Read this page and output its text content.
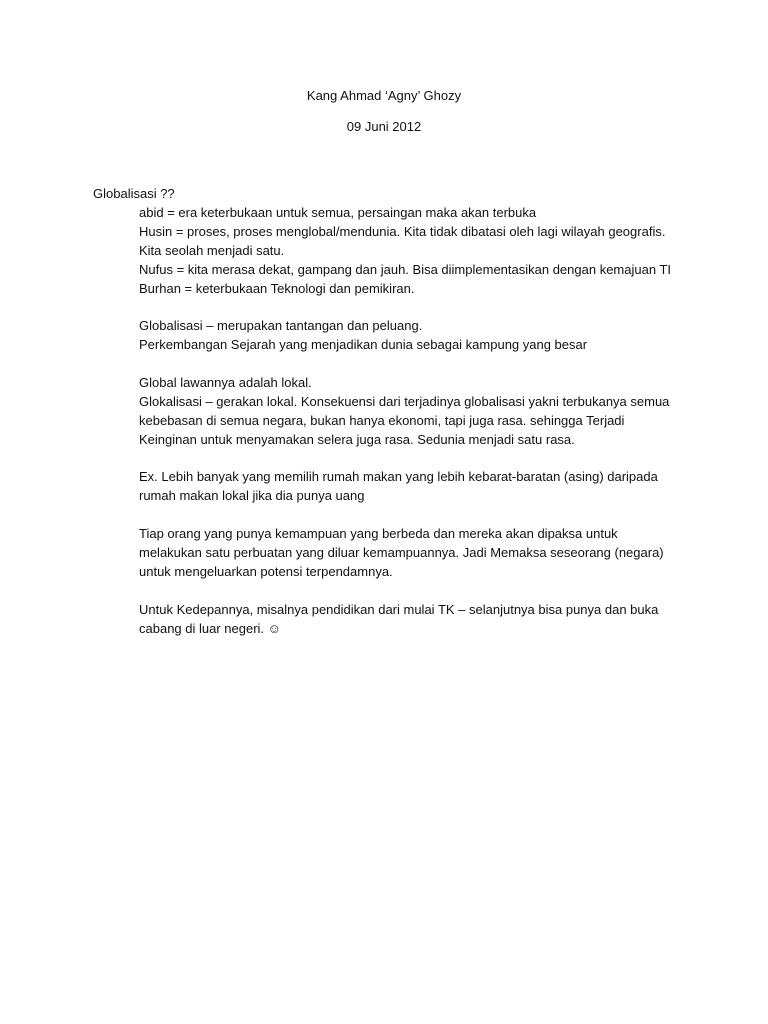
Kang Ahmad ‘Agny’ Ghozy
09 Juni 2012
Globalisasi ??
abid = era keterbukaan untuk semua, persaingan maka akan terbuka
Husin = proses, proses menglobal/mendunia. Kita tidak dibatasi oleh lagi wilayah geografis.
Kita seolah menjadi satu.
Nufus = kita merasa dekat, gampang dan jauh. Bisa diimplementasikan dengan kemajuan TI
Burhan = keterbukaan Teknologi dan pemikiran.
Globalisasi – merupakan tantangan dan peluang.
Perkembangan Sejarah yang menjadikan dunia sebagai kampung yang besar
Global lawannya adalah lokal.
Glokalisasi – gerakan lokal. Konsekuensi dari terjadinya globalisasi yakni terbukanya semua
kebebasan di semua negara, bukan hanya ekonomi, tapi juga rasa. sehingga Terjadi
Keinginan untuk menyamakan selera juga rasa. Sedunia menjadi satu rasa.
Ex. Lebih banyak yang memilih rumah makan yang lebih kebarat-baratan (asing) daripada
rumah makan lokal jika dia punya uang
Tiap orang yang punya kemampuan yang berbeda dan mereka akan dipaksa untuk
melakukan satu perbuatan yang diluar kemampuannya. Jadi Memaksa seseorang (negara)
untuk mengeluarkan potensi terpendamnya.
Untuk Kedepannya, misalnya pendidikan dari mulai TK – selanjutnya bisa punya dan buka
cabang di luar negeri. ☺
